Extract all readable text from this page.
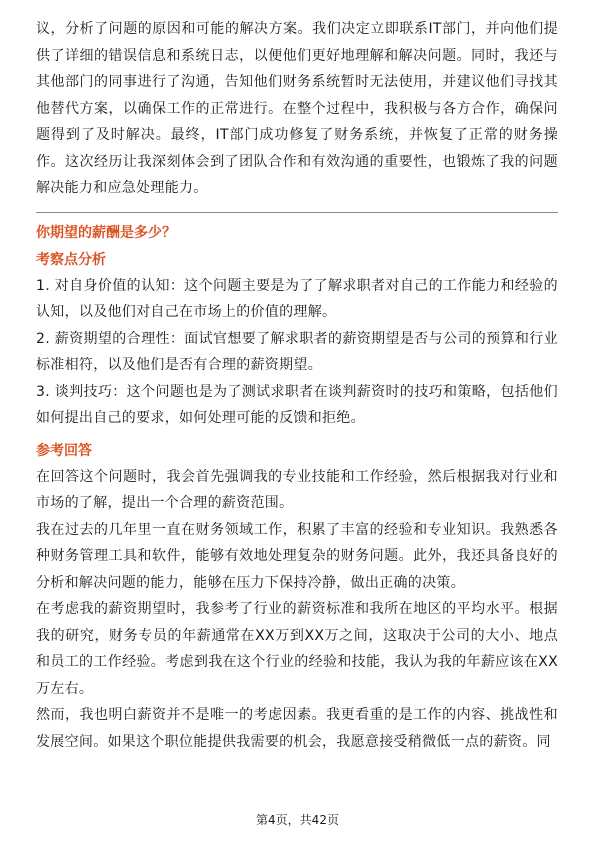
议，分析了问题的原因和可能的解决方案。我们决定立即联系IT部门，并向他们提供了详细的错误信息和系统日志，以便他们更好地理解和解决问题。同时，我还与其他部门的同事进行了沟通，告知他们财务系统暂时无法使用，并建议他们寻找其他替代方案，以确保工作的正常进行。在整个过程中，我积极与各方合作，确保问题得到了及时解决。最终，IT部门成功修复了财务系统，并恢复了正常的财务操作。这次经历让我深刻体会到了团队合作和有效沟通的重要性，也锻炼了我的问题解决能力和应急处理能力。

你期望的薪酬是多少？
考察点分析

1. 对自身价值的认知：这个问题主要是为了了解求职者对自己的工作能力和经验的认知，以及他们对自己在市场上的价值的理解。

2. 薪资期望的合理性：面试官想要了解求职者的薪资期望是否与公司的预算和行业标准相符，以及他们是否有合理的薪资期望。

3. 谈判技巧：这个问题也是为了测试求职者在谈判薪资时的技巧和策略，包括他们如何提出自己的要求，如何处理可能的反馈和拒绝。

参考回答

在回答这个问题时，我会首先强调我的专业技能和工作经验，然后根据我对行业和市场的了解，提出一个合理的薪资范围。

我在过去的几年里一直在财务领域工作，积累了丰富的经验和专业知识。我熟悉各种财务管理工具和软件，能够有效地处理复杂的财务问题。此外，我还具备良好的分析和解决问题的能力，能够在压力下保持冷静，做出正确的决策。

在考虑我的薪资期望时，我参考了行业的薪资标准和我所在地区的平均水平。根据我的研究，财务专员的年薪通常在XX万到XX万之间，这取决于公司的大小、地点和员工的工作经验。考虑到我在这个行业的经验和技能，我认为我的年薪应该在XX万左右。

然而，我也明白薪资并不是唯一的考虑因素。我更看重的是工作的内容、挑战性和发展空间。如果这个职位能提供我需要的机会，我愿意接受稍微低一点的薪资。同

第4页，共42页
